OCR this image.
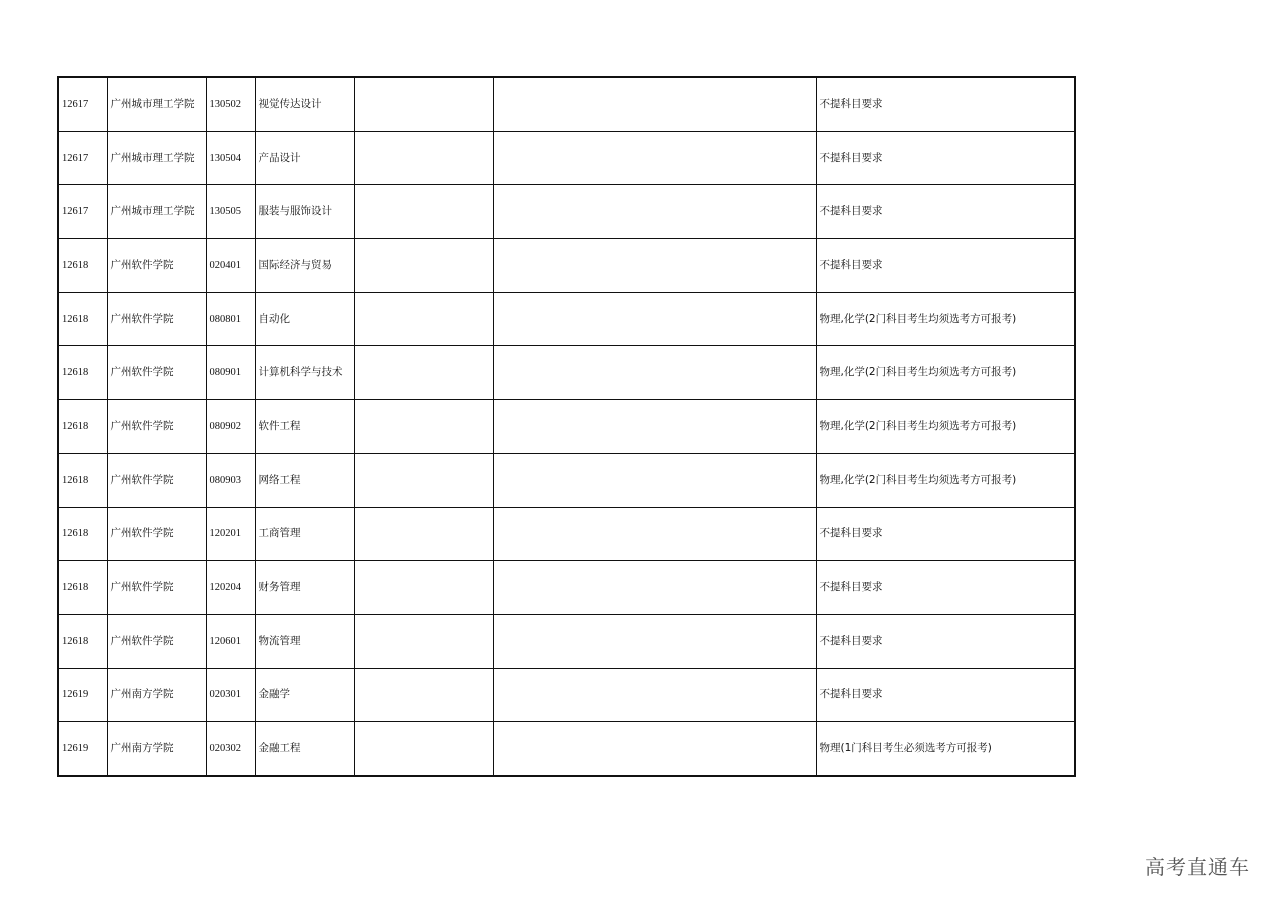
12617	广州城市理工学院	130502	视觉传达设计			不提科目要求
12617	广州城市理工学院	130504	产品设计			不提科目要求
12617	广州城市理工学院	130505	服装与服饰设计			不提科目要求
12618	广州软件学院	020401	国际经济与贸易			不提科目要求
12618	广州软件学院	080801	自动化			物理,化学(2门科目考生均须选考方可报考)
12618	广州软件学院	080901	计算机科学与技术			物理,化学(2门科目考生均须选考方可报考)
12618	广州软件学院	080902	软件工程			物理,化学(2门科目考生均须选考方可报考)
12618	广州软件学院	080903	网络工程			物理,化学(2门科目考生均须选考方可报考)
12618	广州软件学院	120201	工商管理			不提科目要求
12618	广州软件学院	120204	财务管理			不提科目要求
12618	广州软件学院	120601	物流管理			不提科目要求
12619	广州南方学院	020301	金融学			不提科目要求
12619	广州南方学院	020302	金融工程			物理(1门科目考生必须选考方可报考)
高考直通车
